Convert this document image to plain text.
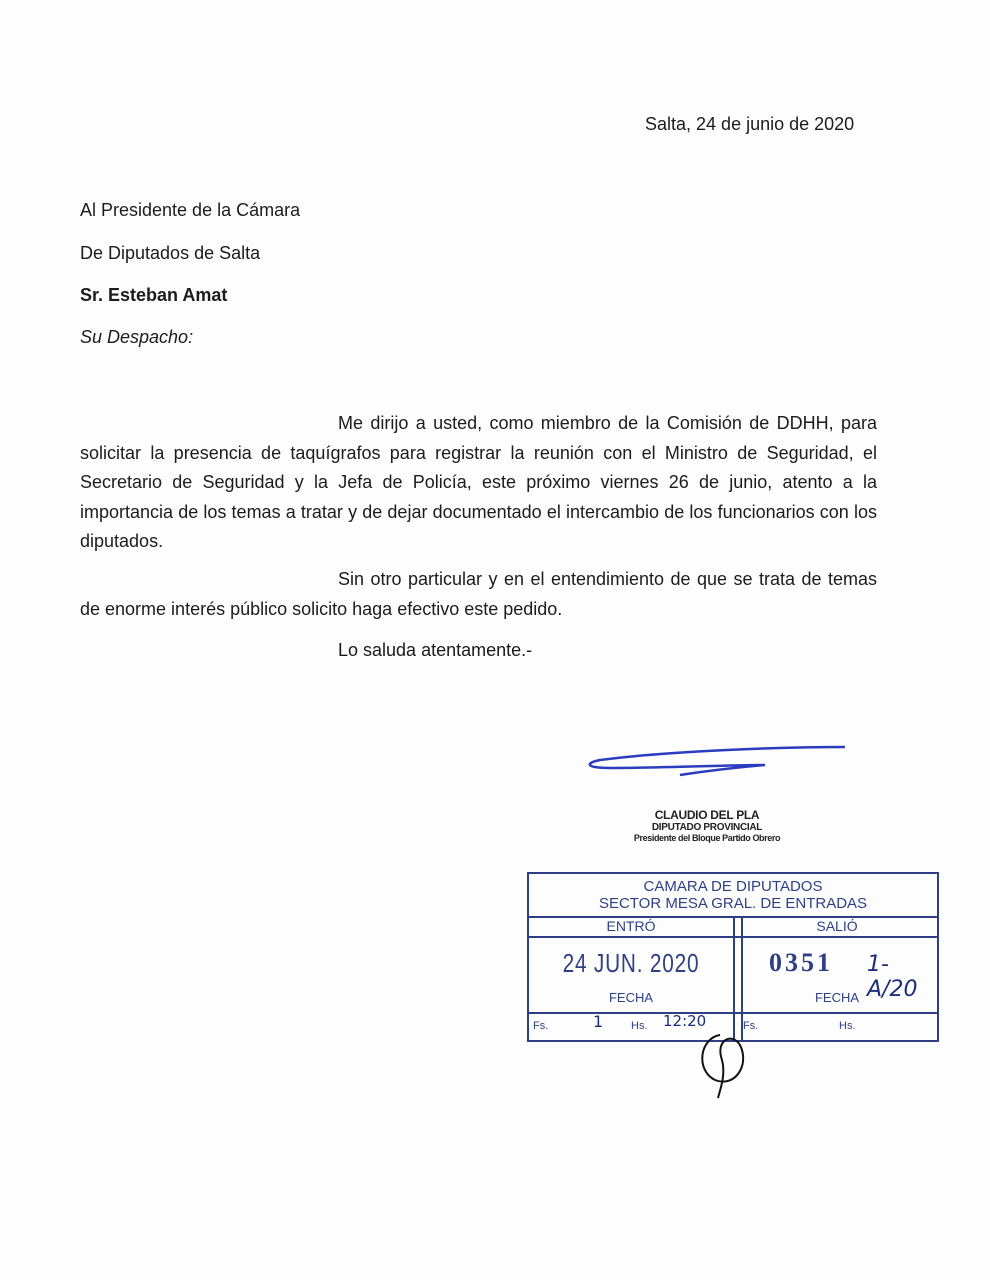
Salta, 24 de junio de 2020
Al Presidente de la Cámara
De Diputados de Salta
Sr. Esteban Amat
Su Despacho:
Me dirijo a usted, como miembro de la Comisión de DDHH, para solicitar la presencia de taquígrafos para registrar la reunión con el Ministro de Seguridad, el Secretario de Seguridad y la Jefa de Policía, este próximo viernes 26 de junio, atento a la importancia de los temas a tratar y de dejar documentado el intercambio de los funcionarios con los diputados.
Sin otro particular y en el entendimiento de que se trata de temas de enorme interés público solicito haga efectivo este pedido.
Lo saluda atentamente.-
CLAUDIO DEL PLA
DIPUTADO PROVINCIAL
Presidente del Bloque Partido Obrero
CAMARA DE DIPUTADOS
SECTOR MESA GRAL. DE ENTRADAS
ENTRÓ	SALIÓ
24 JUN. 2020	0351	1-A/20
FECHA	FECHA
Fs.	1	Hs. 12:20	Fs.	Hs.
